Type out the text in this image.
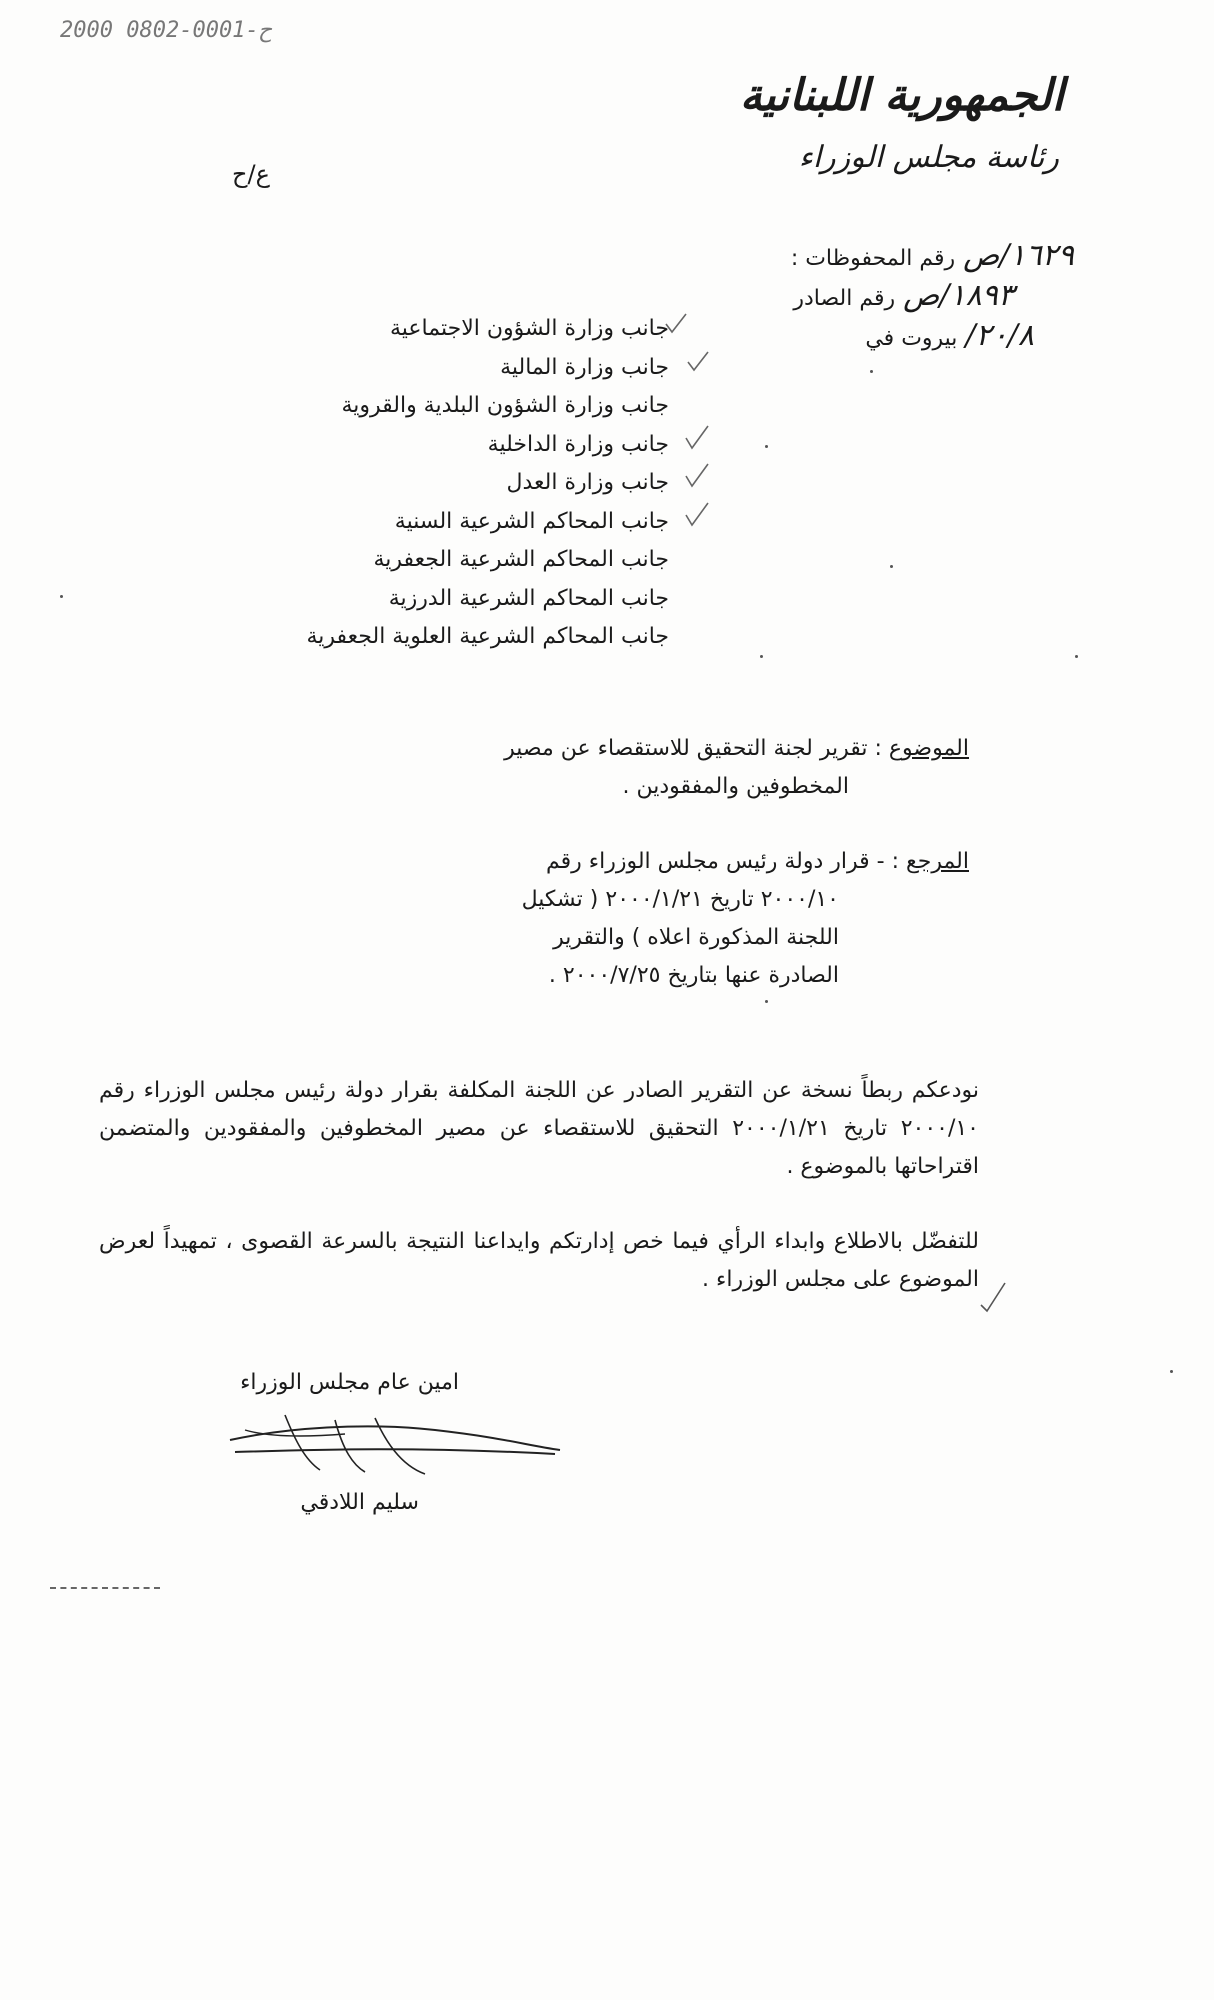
2000 0802-0001-ح
الجمهورية اللبنانية
رئاسة مجلس الوزراء
ع/ح
رقم المحفوظات : ١٦٢٩/ص
رقم الصادر ١٨٩٣/ص
بيروت في ٢٠/٨/
جانب وزارة الشؤون الاجتماعية
جانب وزارة المالية
جانب وزارة الشؤون البلدية والقروية
جانب وزارة الداخلية
جانب وزارة العدل
جانب المحاكم الشرعية السنية
جانب المحاكم الشرعية الجعفرية
جانب المحاكم الشرعية الدرزية
جانب المحاكم الشرعية العلوية الجعفرية
الموضوع : تقرير لجنة التحقيق للاستقصاء عن مصير
المخطوفين والمفقودين .
المرجع : - قرار دولة رئيس مجلس الوزراء رقم
٢٠٠٠/١٠ تاريخ ٢٠٠٠/١/٢١ ( تشكيل
اللجنة المذكورة اعلاه ) والتقرير
الصادرة عنها بتاريخ ٢٠٠٠/٧/٢٥ .
نودعكم ربطاً نسخة عن التقرير الصادر عن اللجنة المكلفة بقرار دولة رئيس مجلس الوزراء رقم ٢٠٠٠/١٠ تاريخ ٢٠٠٠/١/٢١ التحقيق للاستقصاء عن مصير المخطوفين والمفقودين والمتضمن اقتراحاتها بالموضوع .
للتفضّل بالاطلاع وابداء الرأي فيما خص إدارتكم وايداعنا النتيجة بالسرعة القصوى ، تمهيداً لعرض الموضوع على مجلس الوزراء .
امين عام مجلس الوزراء
سليم اللادقي
